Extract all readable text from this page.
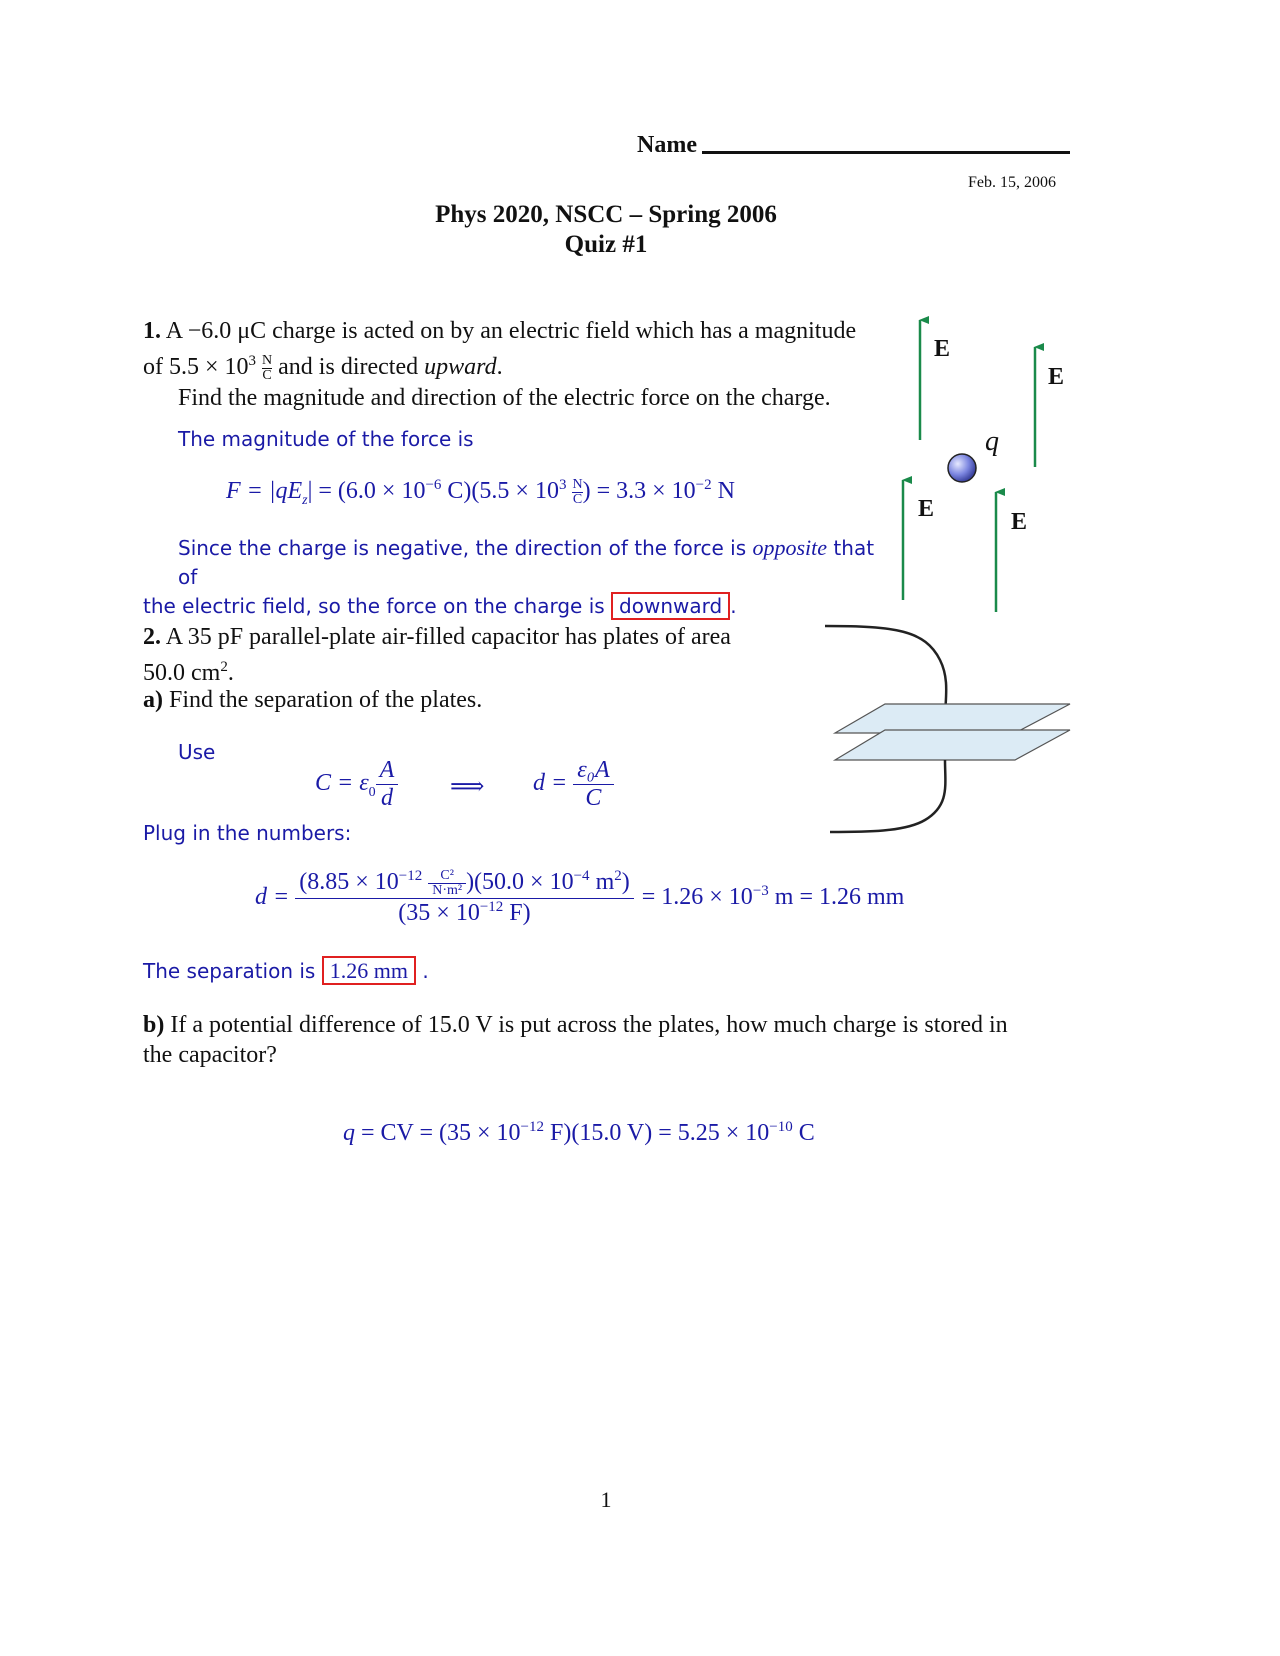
Name
Feb. 15, 2006
Phys 2020, NSCC – Spring 2006
Quiz #1
1. A −6.0 μC charge is acted on by an electric field which has a magnitude
of $5.5 \times 10^3 \frac{N}{C}$ and is directed upward.
Find the magnitude and direction of the electric force on the charge.
The magnitude of the force is
$F = |qE_z| = (6.0 \times 10^{-6}$ $C)(5.5 \times 10^3 \frac{N}{C}) = 3.3 \times 10^{-2}$ N
Since the charge is negative, the direction of the force is opposite that of
the electric field, so the force on the charge is downward .
E
E
E	E
q
2. A 35 pF parallel-plate air-filled capacitor has plates of area
50.0 $cm^2$.
a) Find the separation of the plates.
Use
$C = \varepsilon_0 \frac{A}{d}$ ⟹ $d = \frac{\text{ε₀A}}{C}$
Plug in the numbers:
$d = \frac{(8.85 \times 10^{-12} \frac{\text{C²}}{\text{N·m²}} )(50.0 \times 10^{-4} m^2)}{(35 \times 10^{-12} F)} = 1.26 \times 10^{-3}$ m = 1.26 mm
The separation is 1.26 mm .
b) If a potential difference of 15.0 V is put across the plates, how much charge is stored in
the capacitor?
q = CV = ($35 \times 10^{-12}$ F)(15.0 $V) = 5.25 \times 10^{-10}$ C
1
